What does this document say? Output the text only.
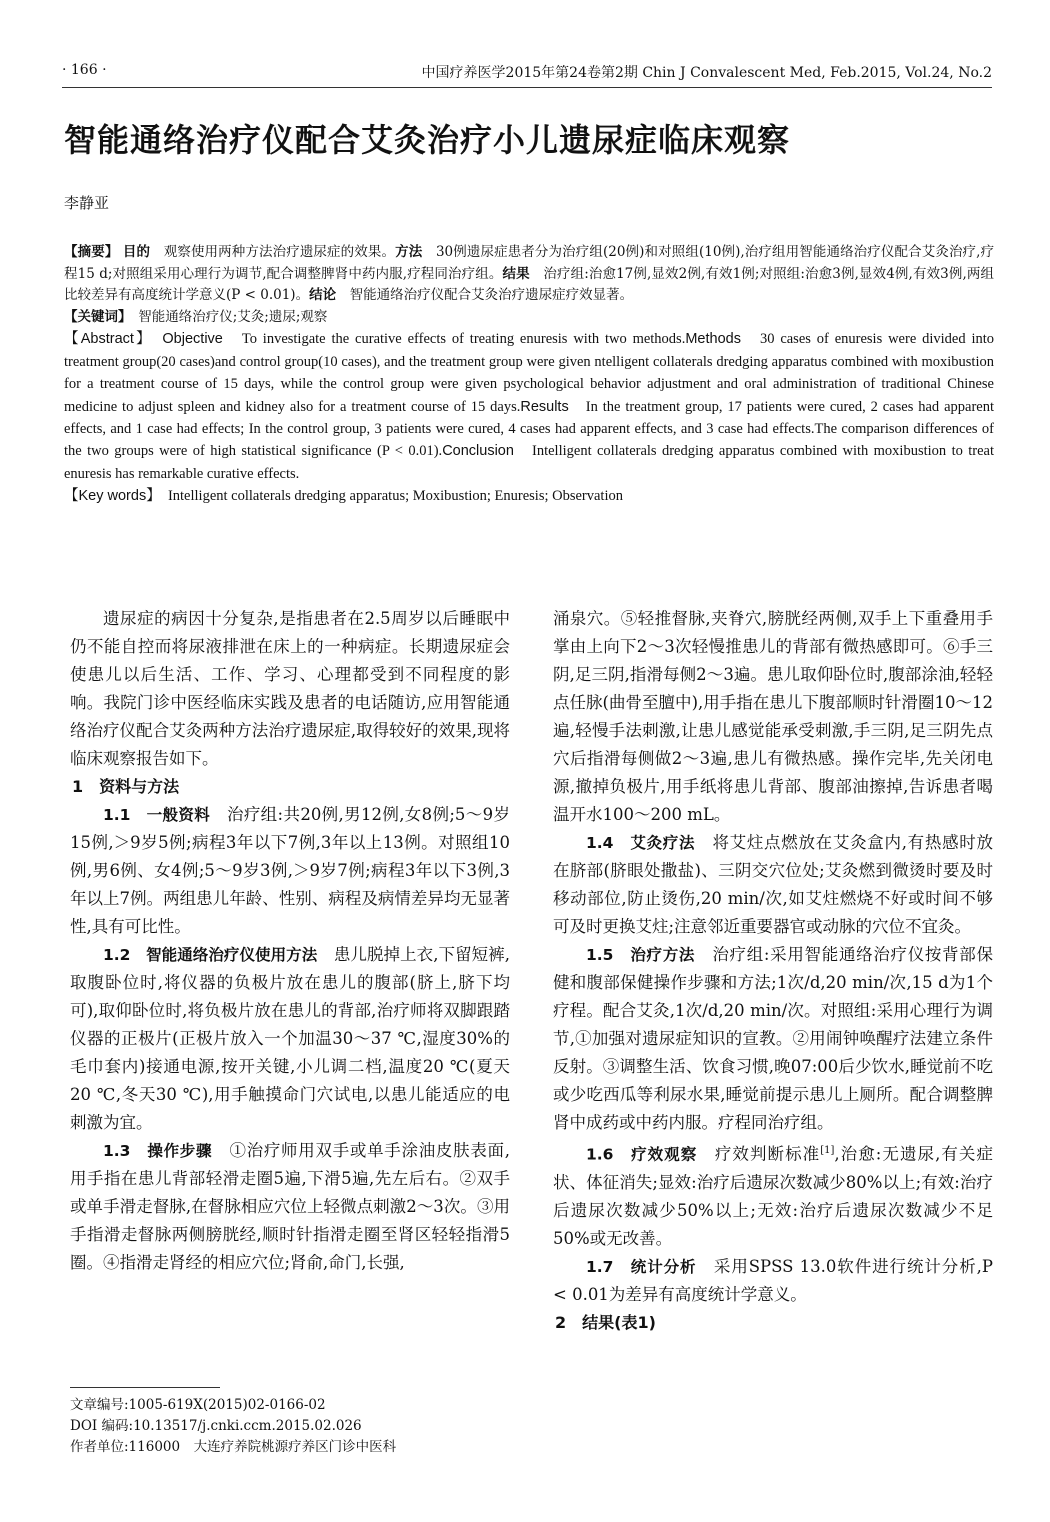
· 166 ·	中国疗养医学2015年第24卷第2期 Chin J Convalescent Med, Feb.2015, Vol.24, No.2
智能通络治疗仪配合艾灸治疗小儿遗尿症临床观察
李静亚

【摘要】 目的　 观察使用两种方法治疗遗尿症的效果。方法　 30例遗尿症患者分为治疗组(20例)和对照组(10例),治疗组用智能通络治疗仪配合艾灸治疗,疗程15 d;对照组采用心理行为调节,配合调整脾肾中药内服,疗程同治疗组。结果　 治疗组:治愈17例,显效2例,有效1例;对照组:治愈3例,显效4例,有效3例,两组比较差异有高度统计学意义(P < 0.01)。结论　 智能通络治疗仪配合艾灸治疗遗尿症疗效显著。

【关键词】　 智能通络治疗仪;艾灸;遗尿;观察

【Abstract】　 Objective　 To investigate the curative effects of treating enuresis with two methods.Methods　 30 cases of enuresis were divided into treatment group(20 cases)and control group(10 cases), and the treatment group were given ntelligent collaterals dredging apparatus combined with moxibustion for a treatment course of 15 days, while the control group were given psychological behavior adjustment and oral administration of traditional Chinese medicine to adjust spleen and kidney also for a treatment course of 15 days.Results　 In the treatment group, 17 patients were cured, 2 cases had apparent effects, and 1 case had effects; In the control group, 3 patients were cured, 4 cases had apparent effects, and 3 case had effects.The comparison differences of the two groups were of high statistical significance (P < 0.01).Conclusion　 Intelligent collaterals dredging apparatus combined with moxibustion to treat enuresis has remarkable curative effects.

【Key words】　 Intelligent collaterals dredging apparatus; Moxibustion; Enuresis; Observation

遗尿症的病因十分复杂,是指患者在2.5周岁以后睡眠中仍不能自控而将尿液排泄在床上的一种病症。长期遗尿症会使患儿以后生活、工作、学习、心理都受到不同程度的影响。我院门诊中医经临床实践及患者的电话随访,应用智能通络治疗仪配合艾灸两种方法治疗遗尿症,取得较好的效果,现将临床观察报告如下。

1　资料与方法

1.1　一般资料　 治疗组:共20例,男12例,女8例;5～9岁15例,＞9岁5例;病程3年以下7例,3年以上13例。对照组10例,男6例、女4例;5～9岁3例,＞9岁7例;病程3年以下3例,3年以上7例。两组患儿年龄、性别、病程及病情差异均无显著性,具有可比性。

1.2　智能通络治疗仪使用方法　 患儿脱掉上衣,下留短裤,取腹卧位时,将仪器的负极片放在患儿的腹部(脐上,脐下均可),取仰卧位时,将负极片放在患儿的背部,治疗师将双脚跟踏仪器的正极片(正极片放入一个加温30～37 ℃,湿度30%的毛巾套内)接通电源,按开关键,小儿调二档,温度20 ℃(夏天20 ℃,冬天30 ℃),用手触摸命门穴试电,以患儿能适应的电刺激为宜。

1.3　操作步骤　 ①治疗师用双手或单手涂油皮肤表面,用手指在患儿背部轻滑走圈5遍,下滑5遍,先左后右。②双手或单手滑走督脉,在督脉相应穴位上轻微点刺激2～3次。③用手指滑走督脉两侧膀胱经,顺时针指滑走圈至肾区轻轻指滑5圈。④指滑走肾经的相应穴位;肾俞,命门,长强,

文章编号:1005-619X(2015)02-0166-02
DOI 编码:10.13517/j.cnki.ccm.2015.02.026
作者单位:116000　大连疗养院桃源疗养区门诊中医科

涌泉穴。⑤轻推督脉,夹脊穴,膀胱经两侧,双手上下重叠用手掌由上向下2～3次轻慢推患儿的背部有微热感即可。⑥手三阴,足三阴,指滑每侧2～3遍。患儿取仰卧位时,腹部涂油,轻轻点任脉(曲骨至膻中),用手指在患儿下腹部顺时针滑圈10～12遍,轻慢手法刺激,让患儿感觉能承受刺激,手三阴,足三阴先点穴后指滑每侧做2～3遍,患儿有微热感。操作完毕,先关闭电源,撤掉负极片,用手纸将患儿背部、腹部油擦掉,告诉患者喝温开水100～200 mL。

1.4　艾灸疗法　 将艾炷点燃放在艾灸盒内,有热感时放在脐部(脐眼处撒盐)、三阴交穴位处;艾灸燃到微烫时要及时移动部位,防止烫伤,20 min/次,如艾炷燃烧不好或时间不够可及时更换艾炷;注意邻近重要器官或动脉的穴位不宜灸。

1.5　治疗方法　 治疗组:采用智能通络治疗仪按背部保健和腹部保健操作步骤和方法;1次/d,20 min/次,15 d为1个疗程。配合艾灸,1次/d,20 min/次。对照组:采用心理行为调节,①加强对遗尿症知识的宣教。②用闹钟唤醒疗法建立条件反射。③调整生活、饮食习惯,晚07:00后少饮水,睡觉前不吃或少吃西瓜等利尿水果,睡觉前提示患儿上厕所。配合调整脾肾中成药或中药内服。疗程同治疗组。

1.6　疗效观察　 疗效判断标准[1],治愈:无遗尿,有关症状、体征消失;显效:治疗后遗尿次数减少80%以上;有效:治疗后遗尿次数减少50%以上;无效:治疗后遗尿次数减少不足50%或无改善。

1.7　统计分析　 采用SPSS 13.0软件进行统计分析,P < 0.01为差异有高度统计学意义。

2　结果(表1)
